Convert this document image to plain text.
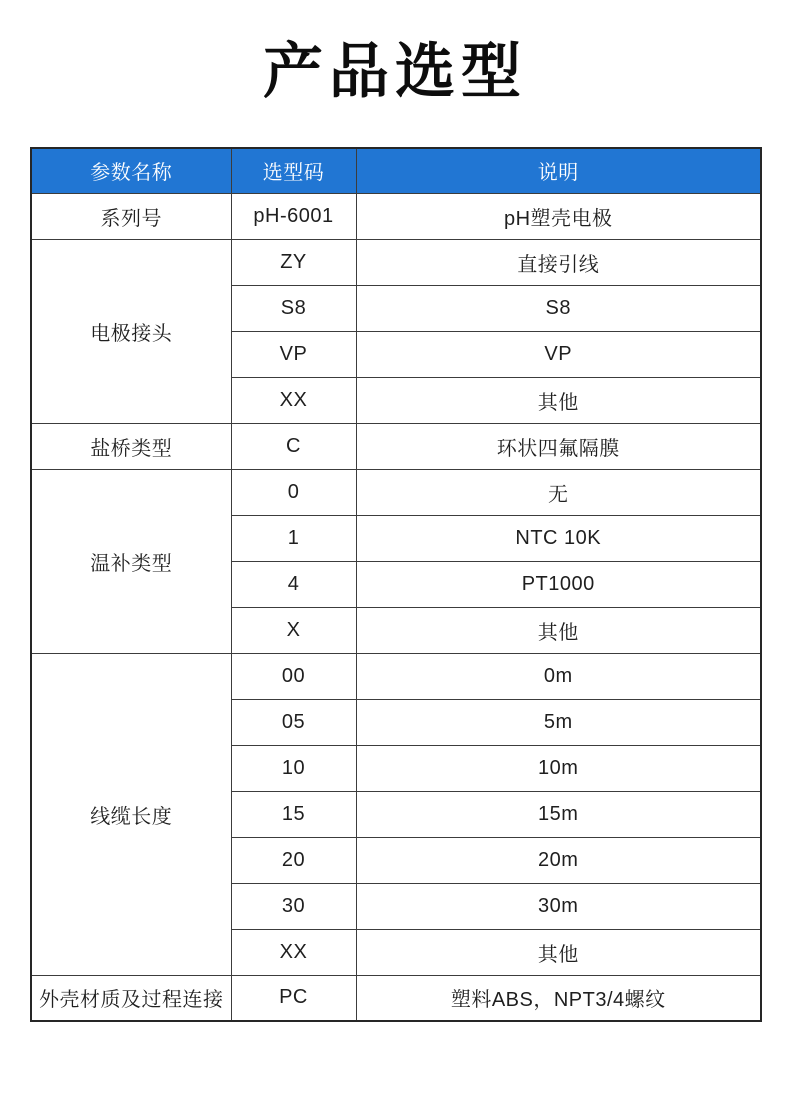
产品选型
参数名称	选型码	说明
系列号	pH-6001	pH塑壳电极
电极接头	ZY	直接引线
	S8	S8
	VP	VP
	XX	其他
盐桥类型	C	环状四氟隔膜
温补类型	0	无
	1	NTC 10K
	4	PT1000
	X	其他
线缆长度	00	0m
	05	5m
	10	10m
	15	15m
	20	20m
	30	30m
	XX	其他
外壳材质及过程连接	PC	塑料ABS，NPT3/4螺纹
